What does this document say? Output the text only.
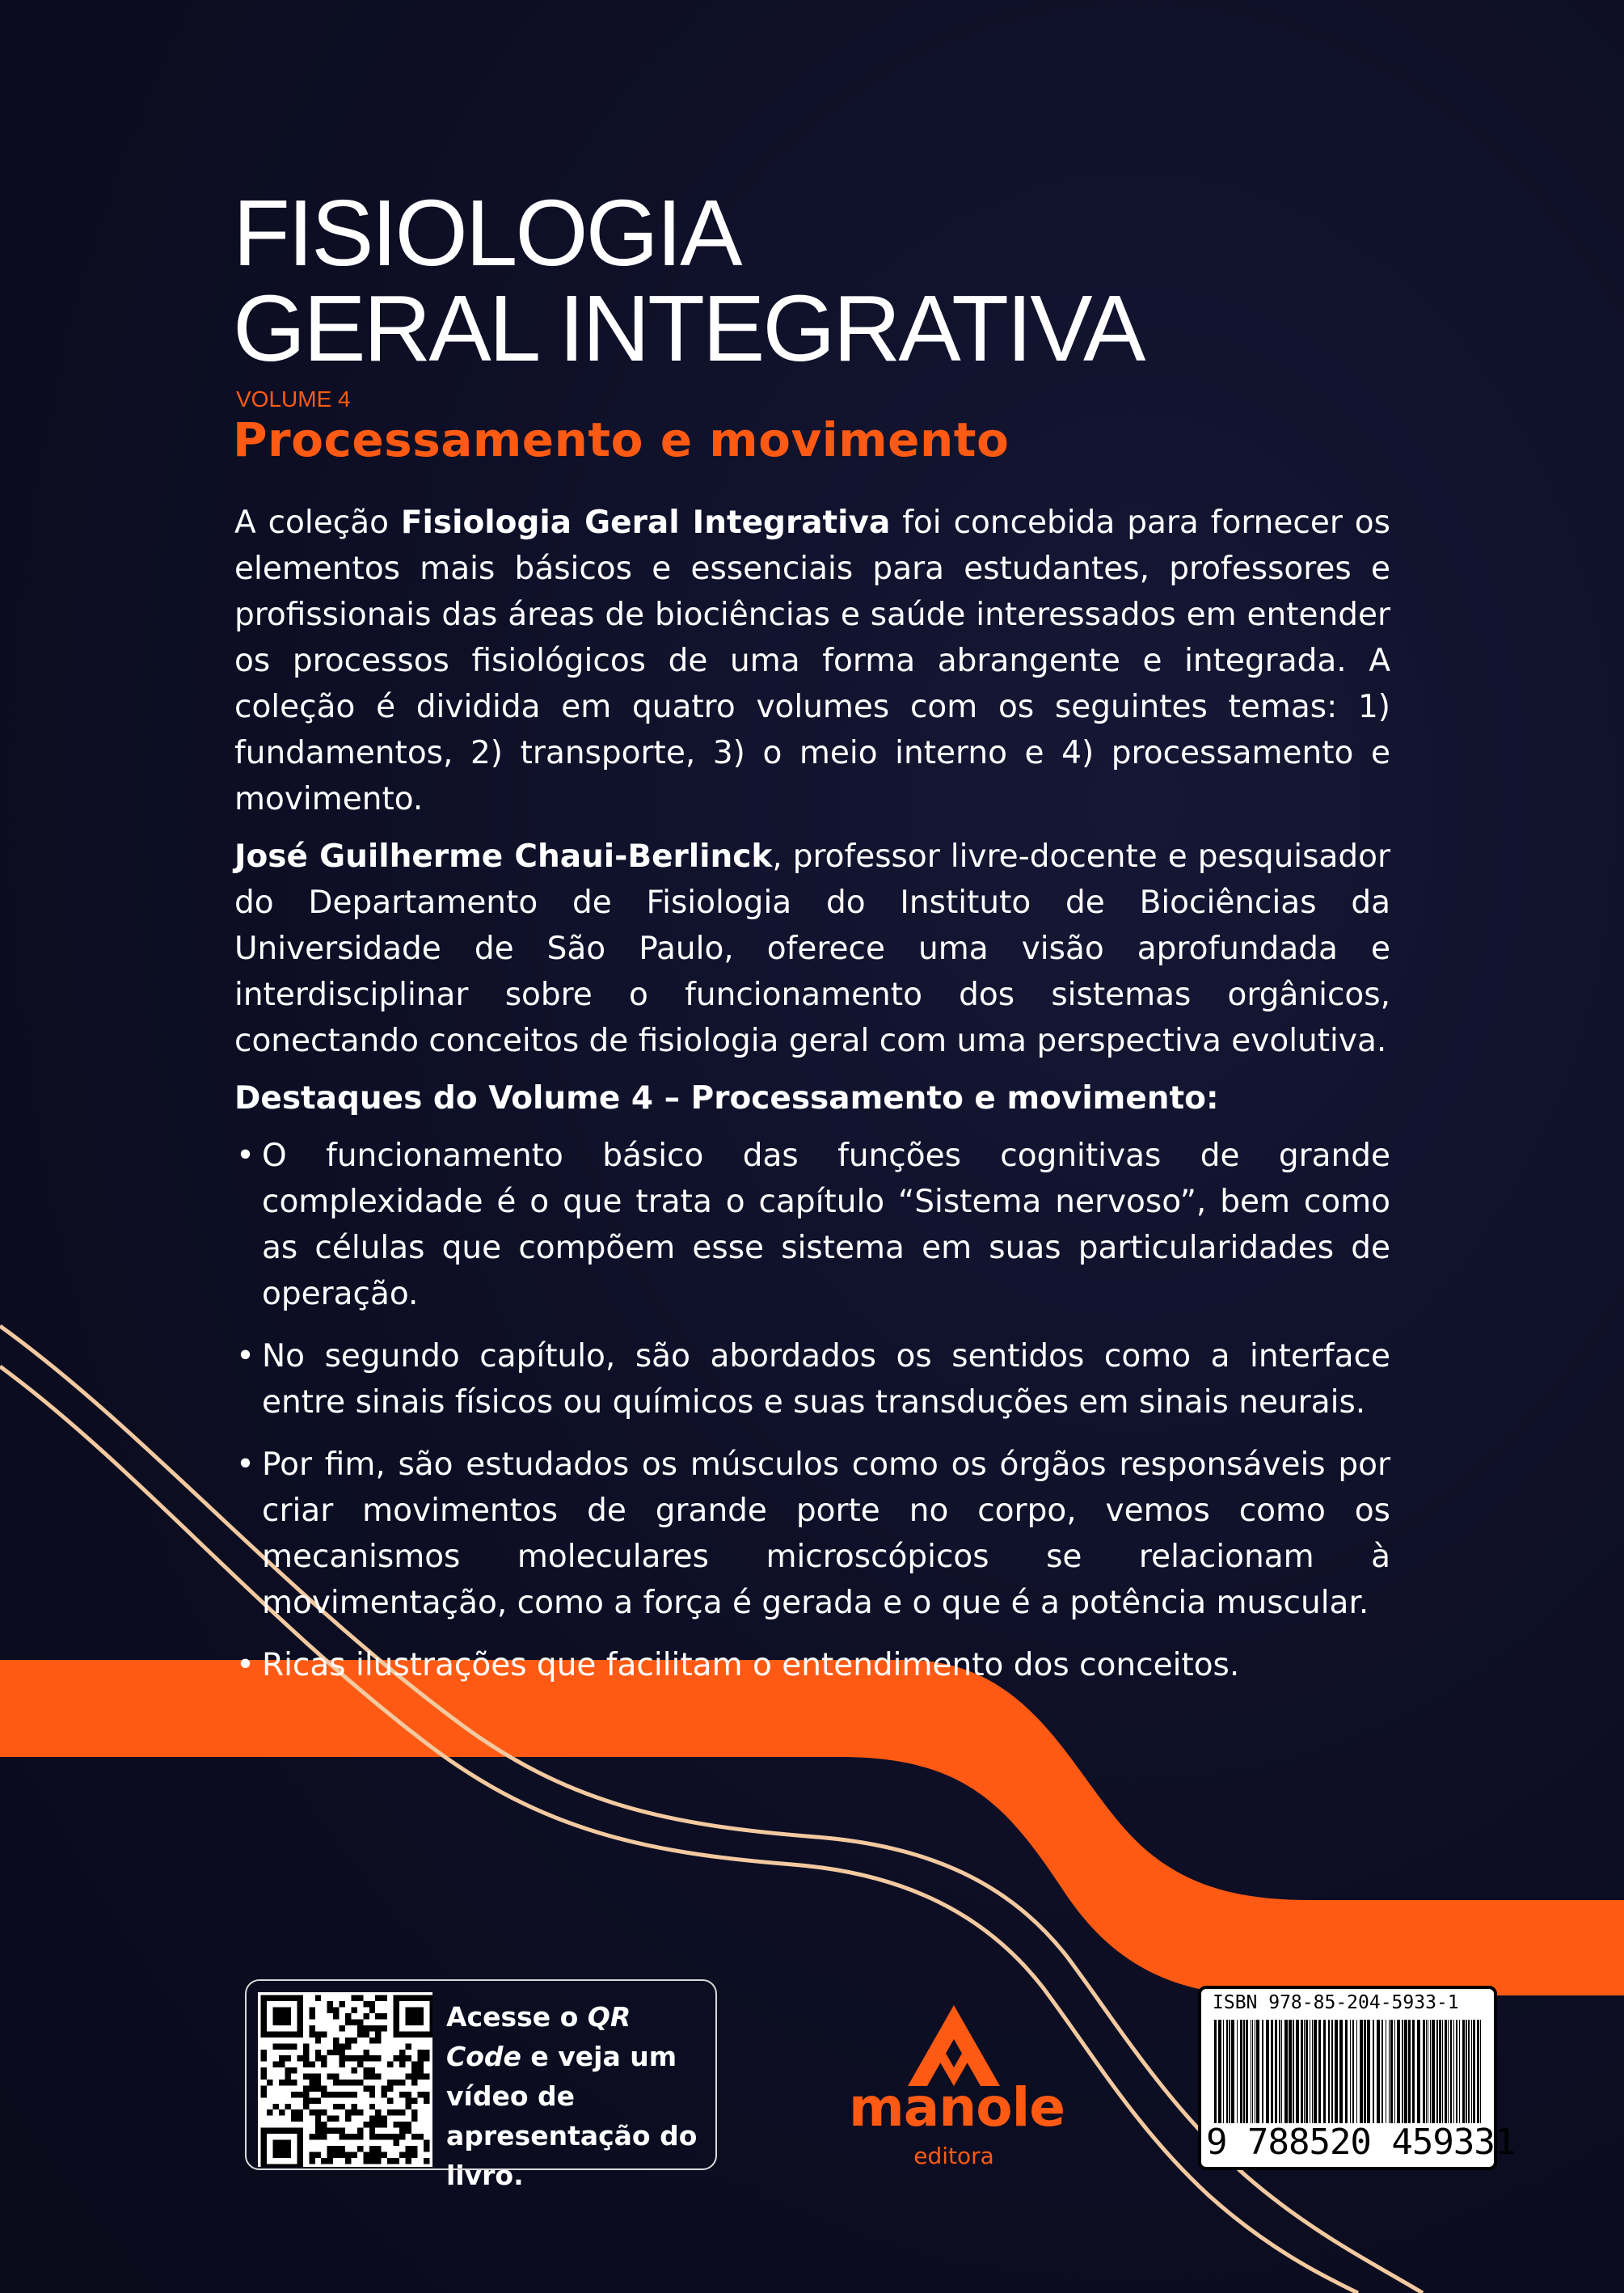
FISIOLOGIA
GERAL INTEGRATIVA
VOLUME 4
Processamento e movimento

A coleção Fisiologia Geral Integrativa foi concebida para fornecer os elementos mais básicos e essenciais para estudantes, professores e profissionais das áreas de biociências e saúde interessados em entender os processos fisiológicos de uma forma abrangente e integrada. A coleção é dividida em quatro volumes com os seguintes temas: 1) fundamentos, 2) transporte, 3) o meio interno e 4) processamento e movimento.

José Guilherme Chaui-Berlinck, professor livre-docente e pesquisador do Departamento de Fisiologia do Instituto de Biociências da Universidade de São Paulo, oferece uma visão aprofundada e interdisciplinar sobre o funcionamento dos sistemas orgânicos, conectando conceitos de fisiologia geral com uma perspectiva evolutiva.

Destaques do Volume 4 – Processamento e movimento:
• O funcionamento básico das funções cognitivas de grande complexidade é o que trata o capítulo “Sistema nervoso”, bem como as células que compõem esse sistema em suas particularidades de operação.
• No segundo capítulo, são abordados os sentidos como a interface entre sinais físicos ou químicos e suas transduções em sinais neurais.
• Por fim, são estudados os músculos como os órgãos responsáveis por criar movimentos de grande porte no corpo, vemos como os mecanismos moleculares microscópicos se relacionam à movimentação, como a força é gerada e o que é a potência muscular.
• Ricas ilustrações que facilitam o entendimento dos conceitos.
Acesse o QR Code e veja um vídeo de apresentação do livro.
manole
editora
ISBN 978-85-204-5933-1
9 788520 459331
